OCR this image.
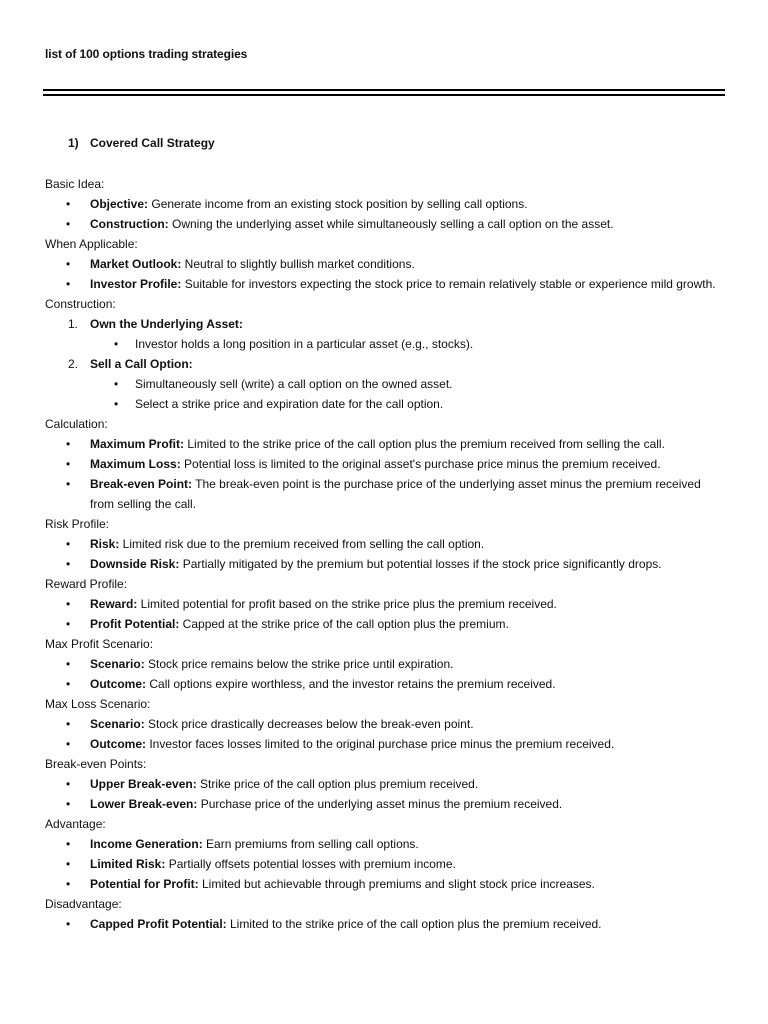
list of 100 options trading strategies
1) Covered Call Strategy
Basic Idea:
• Objective: Generate income from an existing stock position by selling call options.
• Construction: Owning the underlying asset while simultaneously selling a call option on the asset.
When Applicable:
• Market Outlook: Neutral to slightly bullish market conditions.
• Investor Profile: Suitable for investors expecting the stock price to remain relatively stable or experience mild growth.
Construction:
1. Own the Underlying Asset:
• Investor holds a long position in a particular asset (e.g., stocks).
2. Sell a Call Option:
• Simultaneously sell (write) a call option on the owned asset.
• Select a strike price and expiration date for the call option.
Calculation:
• Maximum Profit: Limited to the strike price of the call option plus the premium received from selling the call.
• Maximum Loss: Potential loss is limited to the original asset's purchase price minus the premium received.
• Break-even Point: The break-even point is the purchase price of the underlying asset minus the premium received from selling the call.
Risk Profile:
• Risk: Limited risk due to the premium received from selling the call option.
• Downside Risk: Partially mitigated by the premium but potential losses if the stock price significantly drops.
Reward Profile:
• Reward: Limited potential for profit based on the strike price plus the premium received.
• Profit Potential: Capped at the strike price of the call option plus the premium.
Max Profit Scenario:
• Scenario: Stock price remains below the strike price until expiration.
• Outcome: Call options expire worthless, and the investor retains the premium received.
Max Loss Scenario:
• Scenario: Stock price drastically decreases below the break-even point.
• Outcome: Investor faces losses limited to the original purchase price minus the premium received.
Break-even Points:
• Upper Break-even: Strike price of the call option plus premium received.
• Lower Break-even: Purchase price of the underlying asset minus the premium received.
Advantage:
• Income Generation: Earn premiums from selling call options.
• Limited Risk: Partially offsets potential losses with premium income.
• Potential for Profit: Limited but achievable through premiums and slight stock price increases.
Disadvantage:
• Capped Profit Potential: Limited to the strike price of the call option plus the premium received.
